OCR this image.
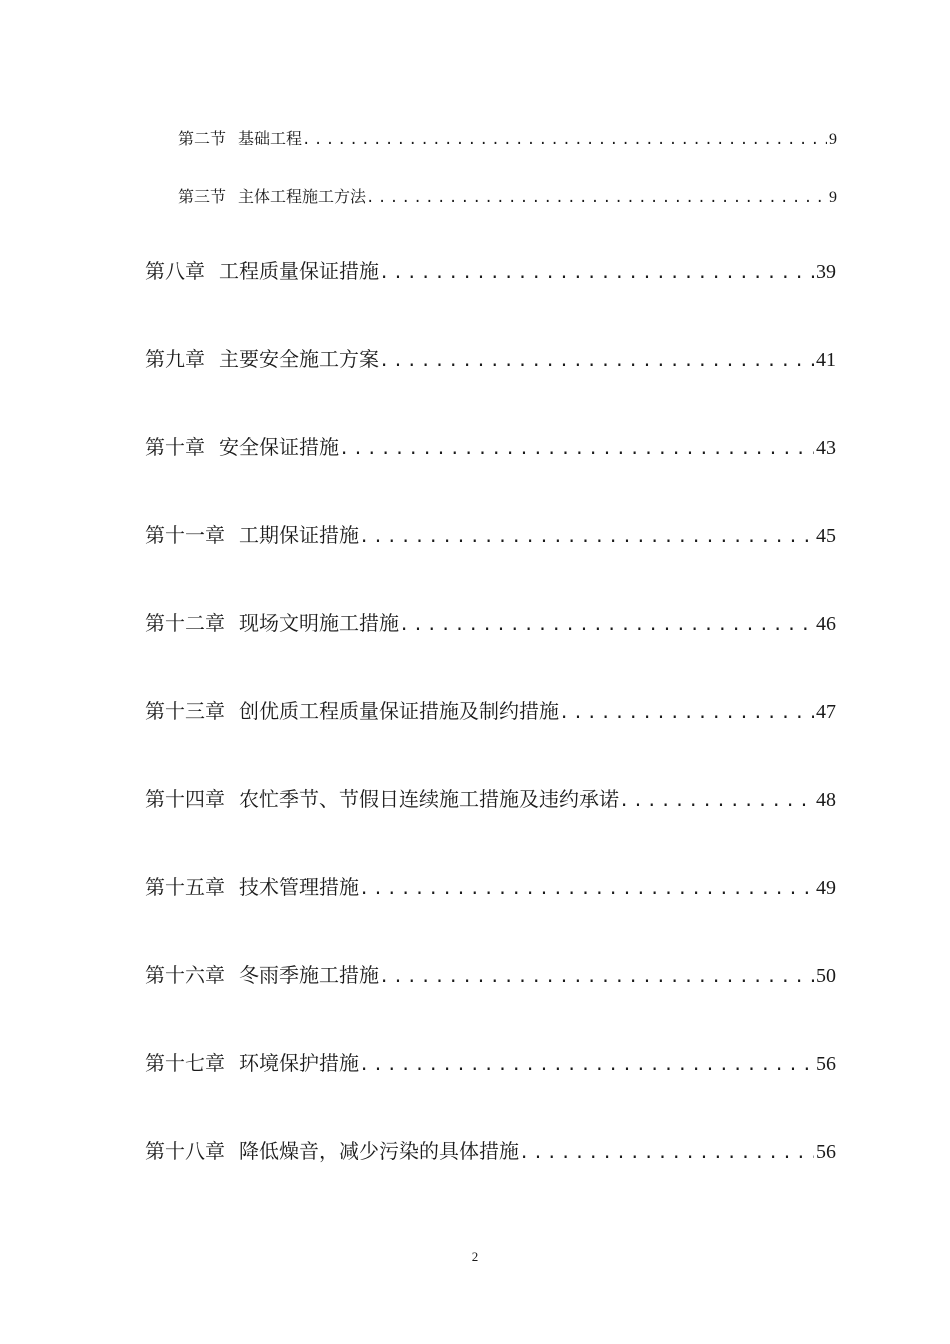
第二节 基础工程 .....	9
第三节 主体工程施工方法 .....	9
第八章 工程质量保证措施 .....	39
第九章 主要安全施工方案 .....	41
第十章 安全保证措施 .....	43
第十一章 工期保证措施 .....	45
第十二章 现场文明施工措施 .....	46
第十三章 创优质工程质量保证措施及制约措施 .....	47
第十四章 农忙季节、节假日连续施工措施及违约承诺 .....	48
第十五章 技术管理措施 .....	49
第十六章 冬雨季施工措施 .....	50
第十七章 环境保护措施 .....	56
第十八章 降低燥音，减少污染的具体措施 .....	56
2
